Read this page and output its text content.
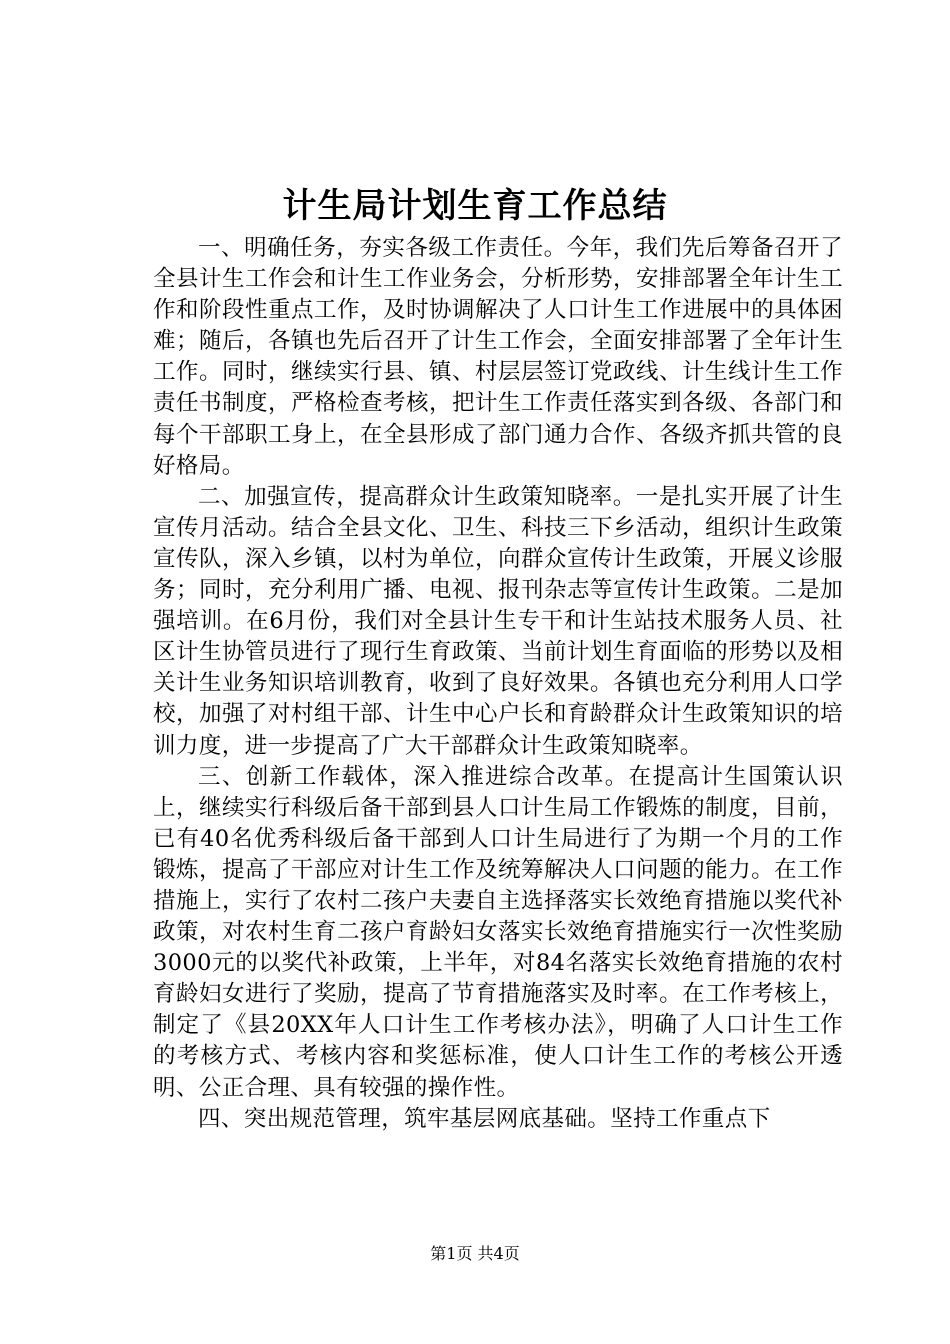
计生局计划生育工作总结

一、明确任务，夯实各级工作责任。今年，我们先后筹备召开了全县计生工作会和计生工作业务会，分析形势，安排部署全年计生工作和阶段性重点工作，及时协调解决了人口计生工作进展中的具体困难；随后，各镇也先后召开了计生工作会，全面安排部署了全年计生工作。同时，继续实行县、镇、村层层签订党政线、计生线计生工作责任书制度，严格检查考核，把计生工作责任落实到各级、各部门和每个干部职工身上，在全县形成了部门通力合作、各级齐抓共管的良好格局。

二、加强宣传，提高群众计生政策知晓率。一是扎实开展了计生宣传月活动。结合全县文化、卫生、科技三下乡活动，组织计生政策宣传队，深入乡镇，以村为单位，向群众宣传计生政策，开展义诊服务；同时，充分利用广播、电视、报刊杂志等宣传计生政策。二是加强培训。在6月份，我们对全县计生专干和计生站技术服务人员、社区计生协管员进行了现行生育政策、当前计划生育面临的形势以及相关计生业务知识培训教育，收到了良好效果。各镇也充分利用人口学校，加强了对村组干部、计生中心户长和育龄群众计生政策知识的培训力度，进一步提高了广大干部群众计生政策知晓率。

三、创新工作载体，深入推进综合改革。在提高计生国策认识上，继续实行科级后备干部到县人口计生局工作锻炼的制度，目前，已有40名优秀科级后备干部到人口计生局进行了为期一个月的工作锻炼，提高了干部应对计生工作及统筹解决人口问题的能力。在工作措施上，实行了农村二孩户夫妻自主选择落实长效绝育措施以奖代补政策，对农村生育二孩户育龄妇女落实长效绝育措施实行一次性奖励3000元的以奖代补政策，上半年，对84名落实长效绝育措施的农村育龄妇女进行了奖励，提高了节育措施落实及时率。在工作考核上，制定了《县20XX年人口计生工作考核办法》，明确了人口计生工作的考核方式、考核内容和奖惩标准，使人口计生工作的考核公开透明、公正合理、具有较强的操作性。

四、突出规范管理，筑牢基层网底基础。坚持工作重点下

第1页 共4页
